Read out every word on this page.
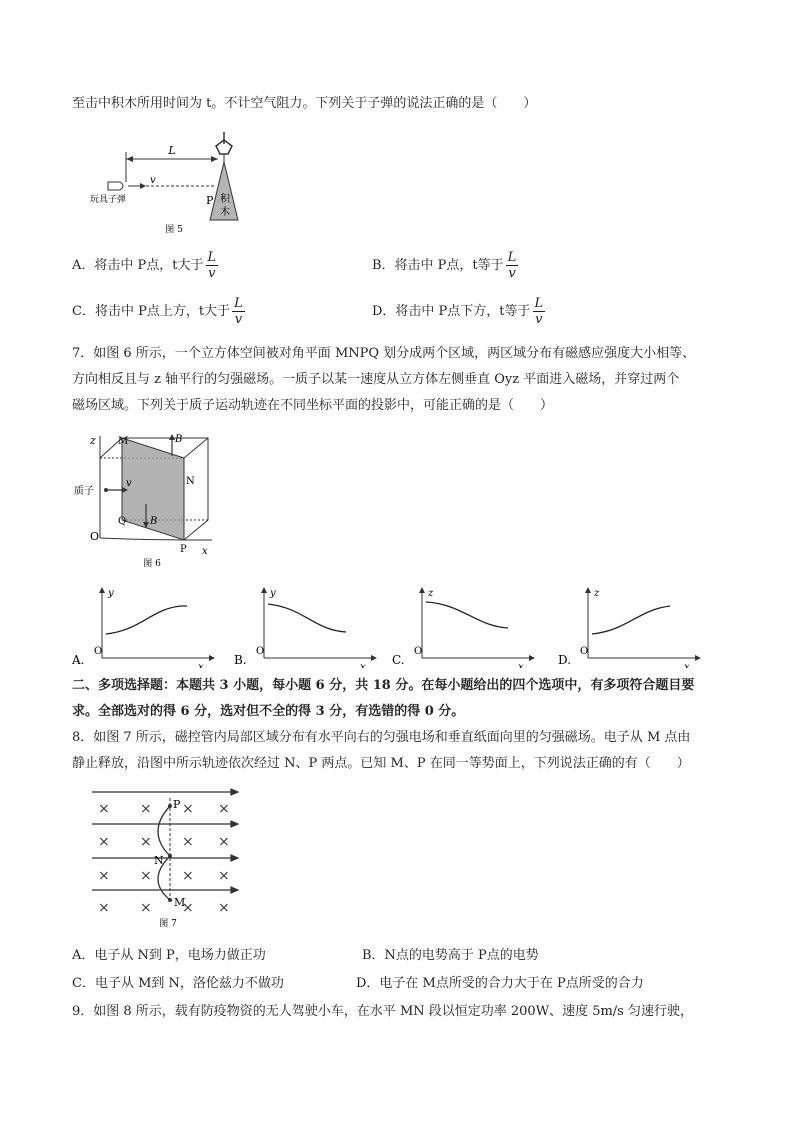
至击中积木所用时间为 t。不计空气阻力。下列关于子弹的说法正确的是（　　）
积
木
L
v
P
玩具子弹
图 5
A．将击中 P点，t大于 $\frac{L}{v}$	B．将击中 P点，t等于 $\frac{L}{v}$
C．将击中 P点上方，t大于 $\frac{L}{v}$	D．将击中 P点下方，t等于 $\frac{L}{v}$
7．如图 6 所示，一个立方体空间被对角平面 MNPQ 划分成两个区域，两区域分布有磁感应强度大小相等、
方向相反且与 z 轴平行的匀强磁场。一质子以某一速度从立方体左侧垂直 Oyz 平面进入磁场，并穿过两个
磁场区域。下列关于质子运动轨迹在不同坐标平面的投影中，可能正确的是（　　）
z
x
O
M
N
P
Q
B
B
v
质子
图 6
A.
y
O
x
B.
y
O
x
C.
z
O
x
D.
z
O
x
二、多项选择题：本题共 3 小题，每小题 6 分，共 18 分。在每小题给出的四个选项中，有多项符合题目要
求。全部选对的得 6 分，选对但不全的得 3 分，有选错的得 0 分。
8．如图 7 所示，磁控管内局部区域分布有水平向右的匀强电场和垂直纸面向里的匀强磁场。电子从 M 点由
静止释放，沿图中所示轨迹依次经过 N、P 两点。已知 M、P 在同一等势面上，下列说法正确的有（　　）
× × × ×
× × × ×
× × × ×
× × × ×
P
N
M
图 7
A．电子从 N到 P，电场力做正功	B．N点的电势高于 P点的电势
C．电子从 M到 N，洛伦兹力不做功	D．电子在 M点所受的合力大于在 P点所受的合力
9．如图 8 所示，载有防疫物资的无人驾驶小车，在水平 MN 段以恒定功率 200W、速度 5m/s 匀速行驶，
